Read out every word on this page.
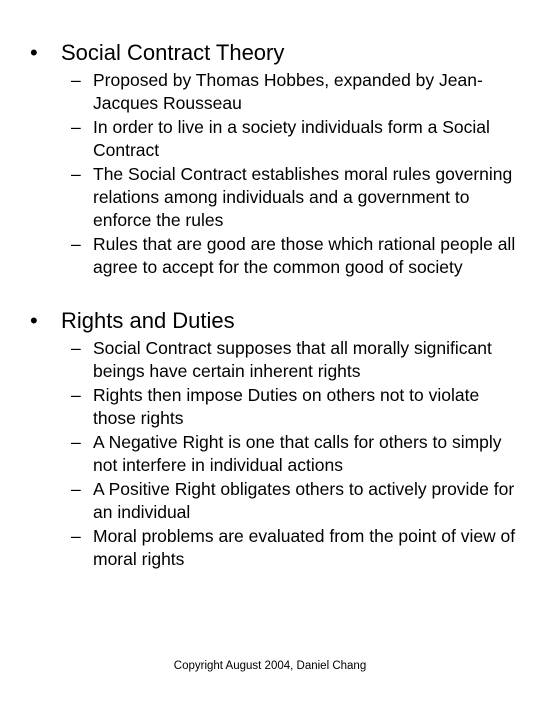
• Social Contract Theory
– Proposed by Thomas Hobbes, expanded by Jean-Jacques Rousseau
– In order to live in a society individuals form a Social Contract
– The Social Contract establishes moral rules governing relations among individuals and a government to enforce the rules
– Rules that are good are those which rational people all agree to accept for the common good of society
• Rights and Duties
– Social Contract supposes that all morally significant beings have certain inherent rights
– Rights then impose Duties on others not to violate those rights
– A Negative Right is one that calls for others to simply not interfere in individual actions
– A Positive Right obligates others to actively provide for an individual
– Moral problems are evaluated from the point of view of moral rights
Copyright August 2004, Daniel Chang
